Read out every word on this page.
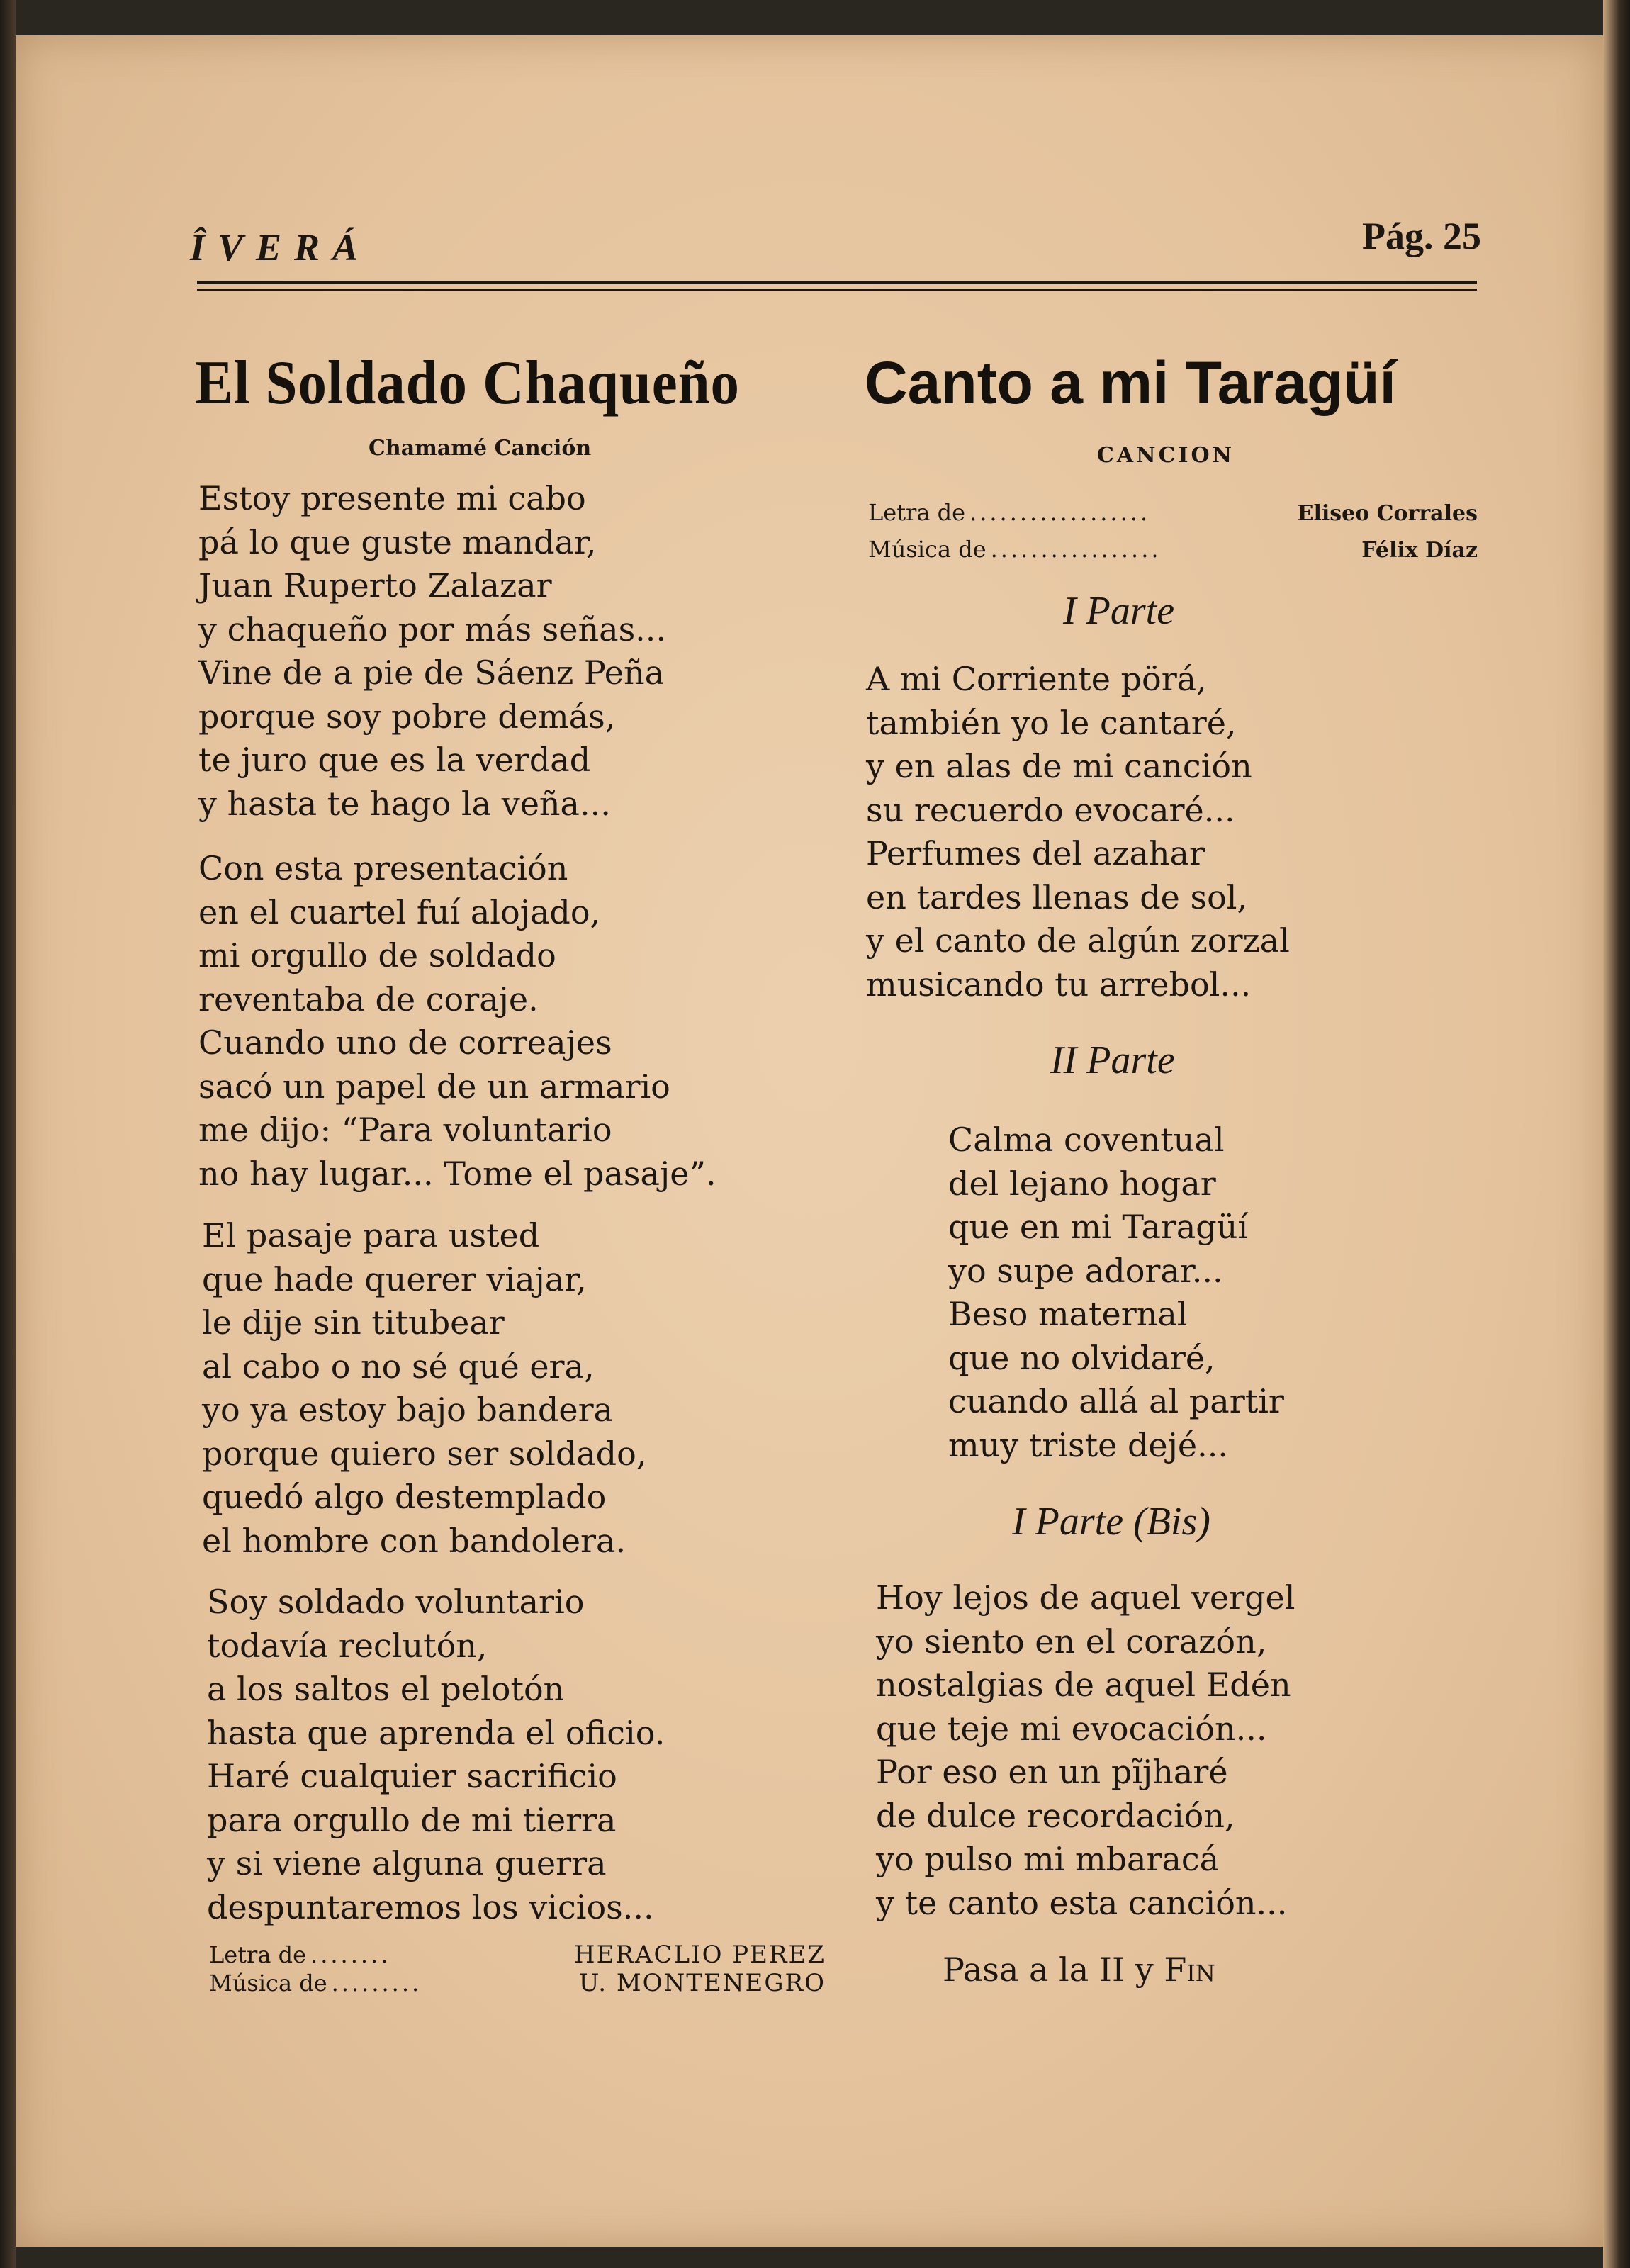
ÎVERÁ	Pág. 25
El Soldado Chaqueño
Chamamé Canción
Estoy presente mi cabo
pá lo que guste mandar,
Juan Ruperto Zalazar
y chaqueño por más señas...
Vine de a pie de Sáenz Peña
porque soy pobre demás,
te juro que es la verdad
y hasta te hago la veña...
Con esta presentación
en el cuartel fuí alojado,
mi orgullo de soldado
reventaba de coraje.
Cuando uno de correajes
sacó un papel de un armario
me dijo: “Para voluntario
no hay lugar... Tome el pasaje”.
El pasaje para usted
que hade querer viajar,
le dije sin titubear
al cabo o no sé qué era,
yo ya estoy bajo bandera
porque quiero ser soldado,
quedó algo destemplado
el hombre con bandolera.
Soy soldado voluntario
todavía reclutón,
a los saltos el pelotón
hasta que aprenda el oficio.
Haré cualquier sacrificio
para orgullo de mi tierra
y si viene alguna guerra
despuntaremos los vicios...
Letra de ........	HERACLIO PEREZ
Música de .........	U. MONTENEGRO
Canto a mi Taragüí
CANCION
Letra de ..................	Eliseo Corrales
Música de .................	Félix Díaz
I Parte
A mi Corriente pörá,
también yo le cantaré,
y en alas de mi canción
su recuerdo evocaré...
Perfumes del azahar
en tardes llenas de sol,
y el canto de algún zorzal
musicando tu arrebol...
II Parte
Calma coventual
del lejano hogar
que en mi Taragüí
yo supe adorar...
Beso maternal
que no olvidaré,
cuando allá al partir
muy triste dejé...
I Parte (Bis)
Hoy lejos de aquel vergel
yo siento en el corazón,
nostalgias de aquel Edén
que teje mi evocación...
Por eso en un pĩjharé
de dulce recordación,
yo pulso mi mbaracá
y te canto esta canción...
Pasa a la II y Fin
